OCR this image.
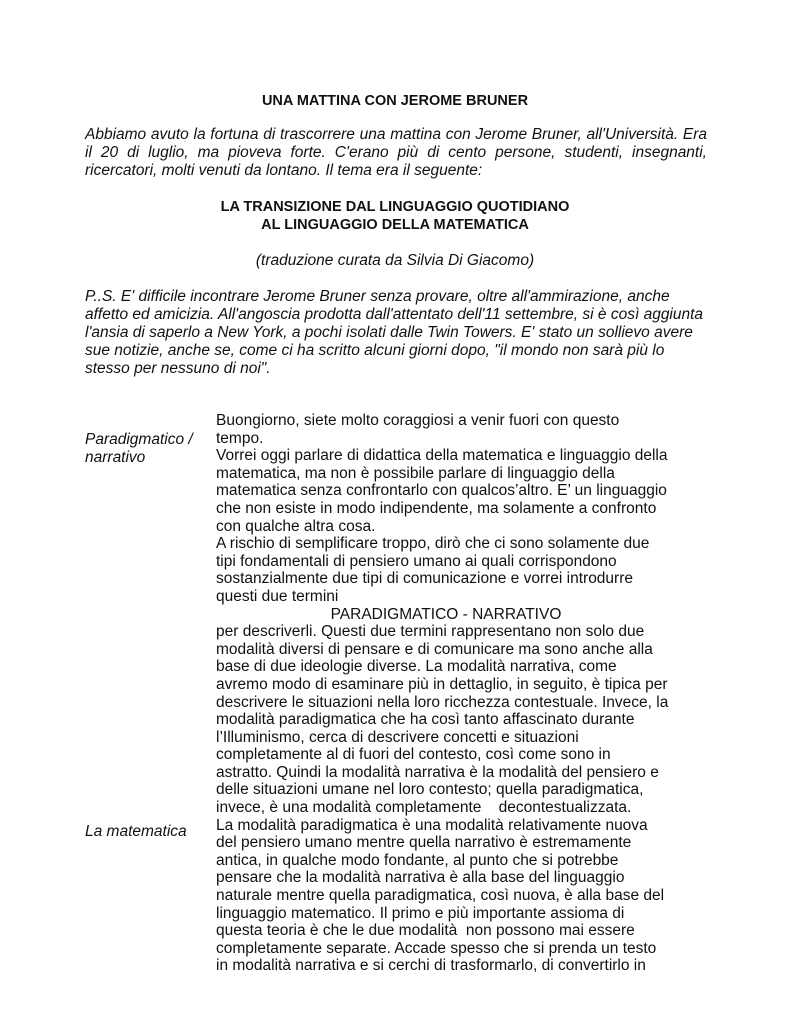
UNA MATTINA CON JEROME BRUNER

Abbiamo avuto la fortuna di trascorrere una mattina con Jerome Bruner, all'Università. Era il 20 di luglio, ma pioveva forte. C'erano più di cento persone, studenti, insegnanti, ricercatori, molti venuti da lontano. Il tema era il seguente:

LA TRANSIZIONE DAL LINGUAGGIO QUOTIDIANO
AL LINGUAGGIO DELLA MATEMATICA
(traduzione curata da Silvia Di Giacomo)
P..S. E' difficile incontrare Jerome Bruner senza provare, oltre all'ammirazione, anche
affetto ed amicizia. All'angoscia prodotta dall'attentato dell'11 settembre, si è così aggiunta
l'ansia di saperlo a New York, a pochi isolati dalle Twin Towers. E' stato un sollievo avere
sue notizie, anche se, come ci ha scritto alcuni giorni dopo, "il mondo non sarà più lo
stesso per nessuno di noi".
Paradigmatico /
narrativo
La matematica
Buongiorno, siete molto coraggiosi a venir fuori con questo
tempo.
Vorrei oggi parlare di didattica della matematica e linguaggio della
matematica, ma non è possibile parlare di linguaggio della
matematica senza confrontarlo con qualcos’altro. E’ un linguaggio
che non esiste in modo indipendente, ma solamente a confronto
con qualche altra cosa.
A rischio di semplificare troppo, dirò che ci sono solamente due
tipi fondamentali di pensiero umano ai quali corrispondono
sostanzialmente due tipi di comunicazione e vorrei introdurre
questi due termini
PARADIGMATICO - NARRATIVO
per descriverli. Questi due termini rappresentano non solo due
modalità diversi di pensare e di comunicare ma sono anche alla
base di due ideologie diverse. La modalità narrativa, come
avremo modo di esaminare più in dettaglio, in seguito, è tipica per
descrivere le situazioni nella loro ricchezza contestuale. Invece, la
modalità paradigmatica che ha così tanto affascinato durante
l’Illuminismo, cerca di descrivere concetti e situazioni
completamente al di fuori del contesto, così come sono in
astratto. Quindi la modalità narrativa è la modalità del pensiero e
delle situazioni umane nel loro contesto; quella paradigmatica,
invece, è una modalità completamente    decontestualizzata.
La modalità paradigmatica è una modalità relativamente nuova
del pensiero umano mentre quella narrativo è estremamente
antica, in qualche modo fondante, al punto che si potrebbe
pensare che la modalità narrativa è alla base del linguaggio
naturale mentre quella paradigmatica, così nuova, è alla base del
linguaggio matematico. Il primo e più importante assioma di
questa teoria è che le due modalità  non possono mai essere
completamente separate. Accade spesso che si prenda un testo
in modalità narrativa e si cerchi di trasformarlo, di convertirlo in
